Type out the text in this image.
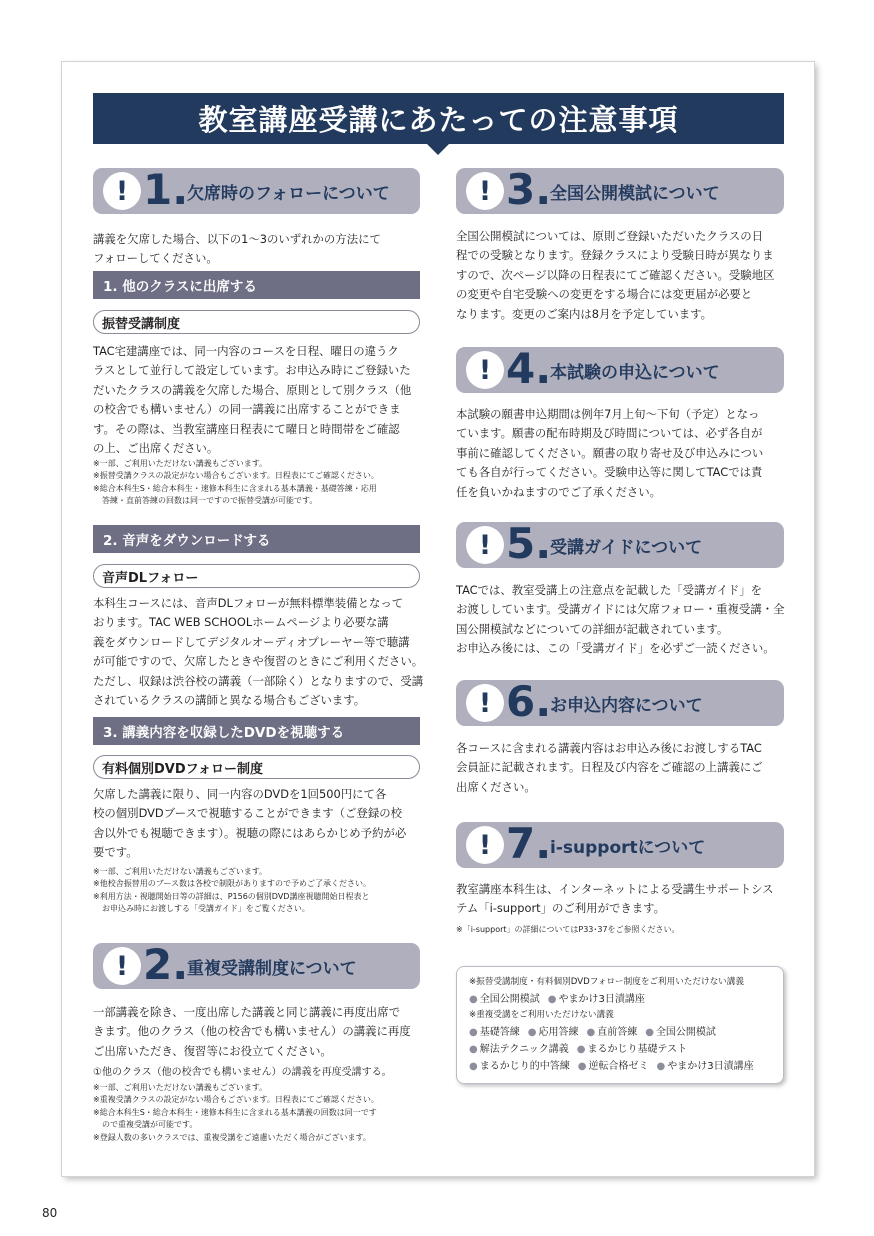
教室講座受講にあたっての注意事項
! 1.
欠席時のフォローについて
講義を欠席した場合、以下の1〜3のいずれかの方法にて
フォローしてください。
1. 他のクラスに出席する
振替受講制度
TAC宅建講座では、同一内容のコースを日程、曜日の違うク
ラスとして並行して設定しています。お申込み時にご登録いた
だいたクラスの講義を欠席した場合、原則として別クラス（他
の校舎でも構いません）の同一講義に出席することができま
す。その際は、当教室講座日程表にて曜日と時間帯をご確認
の上、ご出席ください。
※一部、ご利用いただけない講義もございます。
※振替受講クラスの設定がない場合もございます。日程表にてご確認ください。
※総合本科生S・総合本科生・速修本科生に含まれる基本講義・基礎答練・応用
答練・直前答練の回数は同一ですので振替受講が可能です。
2. 音声をダウンロードする
音声DLフォロー
本科生コースには、音声DLフォローが無料標準装備となって
おります。TAC WEB SCHOOLホームページより必要な講
義をダウンロードしてデジタルオーディオプレーヤー等で聴講
が可能ですので、欠席したときや復習のときにご利用ください。
ただし、収録は渋谷校の講義（一部除く）となりますので、受講
されているクラスの講師と異なる場合もございます。
3. 講義内容を収録したDVDを視聴する
有料個別DVDフォロー制度
欠席した講義に限り、同一内容のDVDを1回500円にて各
校の個別DVDブースで視聴することができます（ご登録の校
舎以外でも視聴できます）。視聴の際にはあらかじめ予約が必
要です。
※一部、ご利用いただけない講義もございます。
※他校舎振替用のブース数は各校で制限がありますので予めご了承ください。
※利用方法・視聴開始日等の詳細は、P156の個別DVD講座視聴開始日程表と
お申込み時にお渡しする「受講ガイド」をご覧ください。
! 2.
重複受講制度について
一部講義を除き、一度出席した講義と同じ講義に再度出席で
きます。他のクラス（他の校舎でも構いません）の講義に再度
ご出席いただき、復習等にお役立てください。
①他のクラス（他の校舎でも構いません）の講義を再度受講する。
※一部、ご利用いただけない講義もございます。
※重複受講クラスの設定がない場合もございます。日程表にてご確認ください。
※総合本科生S・総合本科生・速修本科生に含まれる基本講義の回数は同一です
ので重複受講が可能です。
※登録人数の多いクラスでは、重複受講をご遠慮いただく場合がございます。
! 3.
全国公開模試について
全国公開模試については、原則ご登録いただいたクラスの日
程での受験となります。登録クラスにより受験日時が異なりま
すので、次ページ以降の日程表にてご確認ください。受験地区
の変更や自宅受験への変更をする場合には変更届が必要と
なります。変更のご案内は8月を予定しています。
! 4.
本試験の申込について
本試験の願書申込期間は例年7月上旬〜下旬（予定）となっ
ています。願書の配布時期及び時間については、必ず各自が
事前に確認してください。願書の取り寄せ及び申込みについ
ても各自が行ってください。受験申込等に関してTACでは責
任を負いかねますのでご了承ください。
! 5.
受講ガイドについて
TACでは、教室受講上の注意点を記載した「受講ガイド」を
お渡ししています。受講ガイドには欠席フォロー・重複受講・全
国公開模試などについての詳細が記載されています。
お申込み後には、この「受講ガイド」を必ずご一読ください。
! 6.
お申込内容について
各コースに含まれる講義内容はお申込み後にお渡しするTAC
会員証に記載されます。日程及び内容をご確認の上講義にご
出席ください。
! 7.
i-supportについて
教室講座本科生は、インターネットによる受講生サポートシス
テム「i-support」のご利用ができます。
※「i-support」の詳細についてはP33･37をご参照ください。
※振替受講制度・有料個別DVDフォロー制度をご利用いただけない講義
● 全国公開模試 ● やまかけ3日漬講座
※重複受講をご利用いただけない講義
● 基礎答練 ● 応用答練 ● 直前答練 ● 全国公開模試
● 解法テクニック講義 ● まるかじり基礎テスト
● まるかじり的中答練 ● 逆転合格ゼミ ● やまかけ3日漬講座
80
